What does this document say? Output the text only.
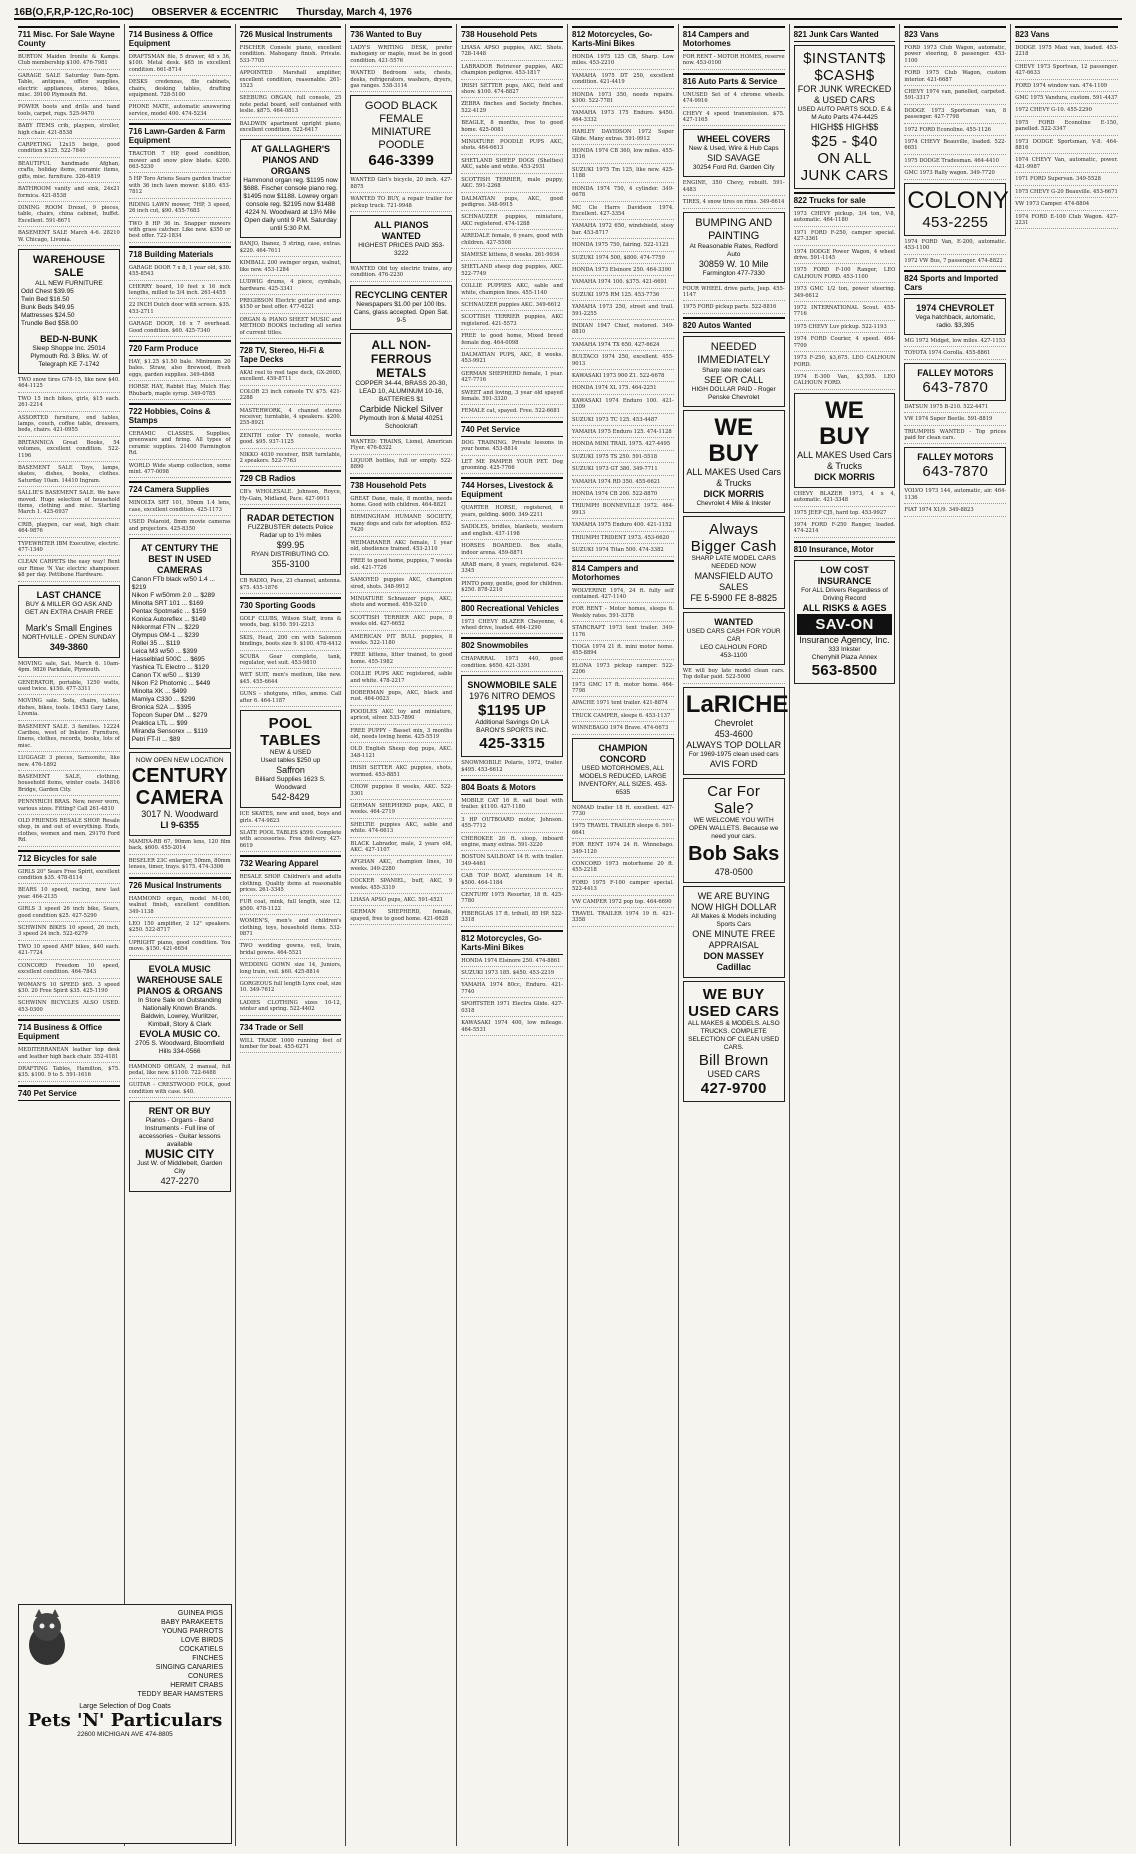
16B(O,F,R,P-12C,Ro-10C) OBSERVER & ECCENTRIC Thursday, March 4, 1976
711 Misc. For Sale Wayne County
BURTON Maiden Ironite & Kamps. Club membership $100. 476-7981
GARAGE SALE Saturday 9am-5pm. Table, antiques, office supplies, electric appliances, stereo, bikes, misc. 39100 Plymouth Rd.
POWER boots and drills and hand tools, carpet, rugs. 525-9470
BABY ITEMS crib, playpen, stroller, high chair. 421-8538
CARPETING 12x15 beige, good condition $125. 522-7840
BEAUTIFUL handmade Afghan, crafts, holiday items, ceramic items, gifts, misc. furniture. 326-4819
BATHROOM vanity and sink, 24x21 formica. 421-8538
DINING ROOM Drexel, 9 pieces, table, chairs, china cabinet, buffet. Excellent. 591-8671
BASEMENT SALE March 4-6. 28210 W. Chicago, Livonia.
WAREHOUSE SALE
ALL NEW FURNITURE
Odd Chest $39.95
Twin Bed $16.50
Bunk Beds $49.95
Mattresses $24.50
Trundle Bed $58.00
BED-N-BUNK
Sleep Shoppe Inc. 25014 Plymouth Rd. 3 Blks. W. of Telegraph KE 7-1742
TWO snow tires G78-15, like new $40. 464-1125
TWO 15 inch bikes, girls, $15 each. 261-2214
ASSORTED furniture, end tables, lamps, couch, coffee table, dressers, beds, chairs. 421-0955
BRITANNICA Great Books, 54 volumes, excellent condition. 522-1196
BASEMENT SALE Toys, lamps, skates, dishes, books, clothes. Saturday 10am. 14410 Ingram.
SALLIE'S BASEMENT SALE. We have moved. Huge selection of household items, clothing and misc. Starting March 1. 425-6937
CRIB, playpen, car seat, high chair. 464-9876
TYPEWRITER IBM Executive, electric. 477-1340
CLEAN CARPETS the easy way! Rent our Rinse 'N Vac electric shampooer. $8 per day. Pettibone Hardware.
LAST CHANCE
BUY & MILLER GO ASK AND GET AN EXTRA CHAIR FREE
Mark's Small Engines
NORTHVILLE - OPEN SUNDAY
349-3860
MOVING sale, Sat. March 6. 10am-4pm. 9826 Parkdale, Plymouth.
GENERATOR, portable, 1250 watts, used twice. $150. 477-3311
MOVING sale. Sofa, chairs, tables, dishes, bikes, tools. 18453 Gary Lane, Livonia.
BASEMENT SALE. 3 families. 12224 Caribou, west of Inkster. Furniture, linens, clothes, records, books, lots of misc.
LUGGAGE 3 pieces, Samsonite, like new. 476-1892
BASEMENT SALE, clothing, household items, winter coats. 34816 Bridge, Garden City.
PENNYRICH BRAS. New, never worn, various sizes. Fitting? Call 261-4810
OLD FRIENDS RESALE SHOP. Resale shop, in and out of everything. Ends, clothes, women and men. 29170 Ford Rd.
712 Bicycles for sale
GIRLS 20" Sears Free Spirit, excellent condition $35. 478-8114
BEARS 10 speed, racing, new last year. 464-2135
GIRLS 3 speed 26 inch bike, Sears, good condition $25. 427-5290
SCHWINN BIKES 10 speed, 26 inch, 3 speed 24 inch. 522-6279
TWO 10 speed AMF bikes, $40 each. 421-7724
CONCORD Freedom 10 speed, excellent condition. 464-7843
WOMAN'S 10 SPEED $65. 3 speed $30. 20 Free Spirit $35. 425-1190
SCHWINN BICYCLES ALSO USED. 453-0300
714 Business & Office Equipment
MEDITERRANEAN leather top desk and leather high back chair. 352-4181
DRAFTING Tables, Hamilton, $75. $35. $100. 9 to 5. 591-1616
740 Pet Service
714 Business & Office Equipment
DRAFTSMAN file, 5 drawer, 48 x 36, $100. Metal desk. $65 in excellent condition. 661-8714
DESKS credenzas, file cabinets, chairs, desking tables, drafting equipment. 728-5100
PHONE MATE, automatic answering service, model 400. 474-5234
716 Lawn-Garden & Farm Equipment
TRACTOR 7 HP, good condition, mower and snow plow blade. $200. 663-5230
5 HP Toro Ariens Sears garden tractor with 36 inch lawn mower. $180. 453-7812
RIDING LAWN mower, 7HP, 3 speed, 26 inch cut, $90. 455-7683
TWO 8 HP 36 in. Snapper mowers with grass catcher. Like new. $350 or best offer. 722-1834
718 Building Materials
GARAGE DOOR 7 x 8, 1 year old, $30. 455-8543
CHERRY board, 10 feet x 16 inch lengths, milled to 3/4 inch. 261-4455
22 INCH Dutch door with screen. $35. 453-2711
GARAGE DOOR, 16 x 7 overhead. Good condition. $60. 425-7340
720 Farm Produce
HAY, $1.25 $1.50 bale. Minimum 20 bales. Straw, also firewood, fresh eggs, garden supplies. 349-4848
HORSE HAY, Rabbit Hay, Mulch Hay. Rhubarb, maple syrup. 349-0785
722 Hobbies, Coins & Stamps
CERAMIC CLASSES. Supplies, greenware and firing. All types of ceramic supplies. 21400 Farmington Rd.
WORLD Wide stamp collection, some mint. 477-0098
724 Camera Supplies
MINOLTA SRT 101, 50mm 1.4 lens, case, excellent condition. 425-1173
USED Polaroid, 8mm movie cameras and projectors. 425-8350
AT CENTURY THE BEST IN USED CAMERAS
Canon FTb black w/50 1.4 ... $219
Nikon F w/50mm 2.0 ... $289
Minolta SRT 101 ... $169
Pentax Spotmatic ... $159
Konica Autoreflex ... $149
Nikkormat FTN ... $229
Olympus OM-1 ... $239
Rollei 35 ... $119
Leica M3 w/50 ... $399
Hasselblad 500C ... $695
Yashica TL Electro ... $129
Canon TX w/50 ... $139
Nikon F2 Photomic ... $449
Minolta XK ... $499
Mamiya C330 ... $299
Bronica S2A ... $395
Topcon Super DM ... $279
Praktica LTL ... $99
Miranda Sensorex ... $119
Petri FT-II ... $89
NOW OPEN NEW LOCATION
CENTURY CAMERA
3017 N. Woodward
LI 9-6355
MAMIYA-RB 67, 90mm lens, 120 film back, $600. 455-2014
BESELER 23C enlarger, 50mm, 80mm lenses, timer, trays. $175. 474-3306
726 Musical Instruments
HAMMOND organ, model M-100, walnut finish, excellent condition. 349-1138
LEO 150 amplifier, 2 12" speakers. $250. 522-8717
UPRIGHT piano, good condition. You move. $150. 421-6654
EVOLA MUSIC WAREHOUSE SALE PIANOS & ORGANS
In Store Sale on Outstanding Nationally Known Brands. Baldwin, Lowrey, Wurlitzer, Kimball, Story & Clark
EVOLA MUSIC CO.
2705 S. Woodward, Bloomfield Hills 334-0566
HAMMOND ORGAN, 2 manual, full pedal, like new. $1100. 722-6488
GUITAR - CRESTWOOD FOLK, good condition with case. $40.
RENT OR BUY
Pianos - Organs - Band Instruments - Full line of accessories - Guitar lessons available
MUSIC CITY
Just W. of Middlebelt, Garden City
427-2270
726 Musical Instruments
FISCHER Console piano, excellent condition. Mahogany finish. Private. 533-7705
APPOINTED Marshall amplifier, excellent condition, reasonable. 261-1523
SEEBURG ORGAN, full console, 25 note pedal board, self contained with leslie. $875. 464-0813
BALDWIN apartment upright piano, excellent condition. 522-6417
AT GALLAGHER'S PIANOS AND ORGANS
Hammond organ reg. $1195 now $688. Fischer console piano reg. $1495 now $1188. Lowrey organ console reg. $2195 now $1488
4224 N. Woodward at 13½ Mile
Open daily until 9 P.M. Saturday until 5:30 P.M.
BANJO, Ibanez, 5 string, case, extras. $220. 464-7611
KIMBALL 200 swinger organ, walnut, like new. 453-1284
LUDWIG drums, 4 piece, cymbals, hardware. 425-3341
PREGIBSON Electric guitar and amp. $150 or best offer. 477-6221
ORGAN & PIANO SHEET MUSIC and METHOD BOOKS including all series of current titles.
728 TV, Stereo, Hi-Fi & Tape Decks
AKAI reel to reel tape deck, GX-260D, excellent. 459-8711
COLOR 23 inch console TV. $75. 421-2288
MASTERWORK, 4 channel stereo receiver, turntable, 4 speakers. $200. 255-8921
ZENITH color TV console, works good. $95. 937-1125
NIKKO 4030 receiver, BSR turntable, 2 speakers. 522-7763
729 CB Radios
CB's WHOLESALE. Johnson, Royce, Hy-Gain, Midland, Pace. 427-9911
RADAR DETECTION
FUZZBUSTER detects Police Radar up to 1½ miles
$99.95
RYAN DISTRIBUTING CO.
355-3100
CB RADIO, Pace, 23 channel, antenna. $75. 455-1876
730 Sporting Goods
GOLF CLUBS, Wilson Staff, irons & woods, bag. $150. 591-2213
SKIS, Head, 200 cm with Salomon bindings, boots size 9. $100. 478-4412
SCUBA Gear complete, tank, regulator, wet suit. 453-9810
WET SUIT, men's medium, like new. $45. 455-6644
GUNS - shotguns, rifles, ammo. Call after 6. 464-1187
POOL TABLES
NEW & USED
Used tables $250 up
Saffron
Billiard Supplies 1623 S. Woodward
542-8429
ICE SKATES, new and used, boys and girls. 474-9823
SLATE POOL TABLES $599. Complete with accessories. Free delivery. 427-6619
732 Wearing Apparel
RESALE SHOP. Children's and adults clothing. Quality items at reasonable prices. 261-3345
FUR coat, mink, full length, size 12. $500. 478-1122
WOMEN'S, men's and children's clothing, toys, household items. 532-0871
TWO wedding gowns, veil, train, bridal gowns. 464-5521
WEDDING GOWN size 14, Juniors, long train, veil. $60. 425-8814
GORGEOUS full length Lynx coat, size 10. 349-7612
LADIES CLOTHING sizes 10-12, winter and spring. 522-4402
734 Trade or Sell
WILL TRADE 1000 running feet of lumber for boat. 455-6271
736 Wanted to Buy
LADY'S WRITING DESK, prefer mahogany or maple, must be in good condition. 421-5576
WANTED Bedroom sets, chests, desks, refrigerators, washers, dryers, gas ranges. 538-3114
GOOD BLACK FEMALE MINIATURE POODLE
646-3399
WANTED Girl's bicycle, 20 inch. 427-8875
WANTED TO BUY, a repair trailer for pickup truck. 721-9948
ALL PIANOS WANTED
HIGHEST PRICES PAID 353-3222
WANTED Old toy electric trains, any condition. 476-2230
RECYCLING CENTER
Newspapers $1.00 per 100 lbs. Cans, glass accepted. Open Sat. 9-5
ALL NON-FERROUS METALS
COPPER 34-44, BRASS 20-30, LEAD 10, ALUMINUM 10-16, BATTERIES $1
Carbide Nickel Silver
Plymouth Iron & Metal 40251 Schoolcraft
WANTED: TRAINS, Lionel, American Flyer. 476-8322
LIQUOR bottles, full or empty. 522-8890
738 Household Pets
GREAT Dane, male, 8 months, needs home. Good with children. 464-8821
BIRMINGHAM HUMANE SOCIETY, many dogs and cats for adoption. 852-7420
WEIMARANER AKC female, 1 year old, obedience trained. 453-2110
FREE to good home, puppies, 7 weeks old. 421-7726
SAMOYED puppies AKC, champion sired, shots. 348-9912
MINIATURE Schnauzer pups, AKC, shots and wormed. 459-3210
SCOTTISH TERRIER AKC pups, 8 weeks old. 427-6652
AMERICAN PIT BULL puppies, 8 weeks. 522-1180
FREE kittens, litter trained, to good home. 455-1982
COLLIE PUPS AKC registered, sable and white. 478-2217
DOBERMAN pups, AKC, black and rust. 464-0023
POODLES AKC toy and miniature, apricot, silver. 533-7890
FREE PUPPY - Basset mix, 3 months old, needs loving home. 425-5519
OLD English Sheep dog pups, AKC. 348-1121
IRISH SETTER AKC puppies, shots, wormed. 453-8851
CHOW puppies 8 weeks, AKC. 522-3301
GERMAN SHEPHERD pups, AKC, 8 weeks. 464-2719
SHELTIE puppies AKC, sable and white. 474-6613
BLACK Labrador, male, 2 years old, AKC. 427-1107
AFGHAN AKC, champion lines, 10 weeks. 349-2280
COCKER SPANIEL, buff, AKC, 9 weeks. 455-3319
LHASA APSO pups, AKC. 591-4521
GERMAN SHEPHERD, female, spayed, free to good home. 421-6628
738 Household Pets
LHASA APSO puppies, AKC. Shots. 728-1448
LABRADOR Retriever puppies, AKC champion pedigree. 453-1817
IRISH SETTER pups, AKC, field and show. $100. 474-8827
ZEBRA finches and Society finches. 522-4129
BEAGLE, 8 months, free to good home. 425-0081
MINIATURE POODLE PUPS AKC, shots. 464-6613
SHETLAND SHEEP DOGS (Shelties) AKC, sable and white. 453-2931
SCOTTISH TERRIER, male puppy, AKC. 591-2268
DALMATIAN pups, AKC, good pedigree. 348-9915
SCHNAUZER puppies, miniature, AKC registered. 474-1288
AIREDALE female, 6 years, good with children. 427-5508
SIAMESE kittens, 8 weeks. 261-9934
SHETLAND sheep dog puppies, AKC. 522-7749
COLLIE PUPPIES AKC, sable and white, champion lines. 455-1140
SCHNAUZER puppies AKC. 349-6612
SCOTTISH TERRIER puppies, AKC registered. 421-5573
FREE to good home, Mixed breed female dog. 464-0098
DALMATIAN PUPS, AKC, 8 weeks. 453-9921
GERMAN SHEPHERD female, 1 year. 427-7716
SWEET and loving, 3 year old spayed female. 591-3320
FEMALE cat, spayed. Free. 522-6681
740 Pet Service
DOG TRAINING. Private lessons in your home. 453-8814
LET ME PAMPER YOUR PET. Dog grooming. 425-7766
744 Horses, Livestock & Equipment
QUARTER HORSE, registered, 6 years, gelding. $600. 349-2211
SADDLES, bridles, blankets, western and english. 437-1198
HORSES BOARDED. Box stalls, indoor arena. 459-8871
ARAB mare, 8 years, registered. 624-3345
PINTO pony, gentle, good for children. $250. 878-2210
800 Recreational Vehicles
1973 CHEVY BLAZER Cheyenne, 4 wheel drive, loaded. 464-1290
802 Snowmobiles
CHAPARRAL 1973 440, good condition. $650. 421-3391
SNOWMOBILE SALE
1976 NITRO DEMOS
$1195 UP
Additional Savings On LA BARON'S SPORTS INC.
425-3315
SNOWMOBILE Polaris, 1972, trailer. $495. 453-6612
804 Boats & Motors
MOBILE CAT 16 ft. sail boat with trailer. $1100. 427-1180
3 HP OUTBOARD motor, Johnson. 455-7712
CHEROKEE 26 ft. sloop, inboard engine, many extras. 591-3220
BOSTON SAILBOAT 14 ft. with trailer. 349-4461
CAB TOP BOAT, aluminum 14 ft. $500. 464-1184
CENTURY 1975 Resorter, 18 ft. 425-7780
FIBERGLAS 17 ft. trihull, 85 HP. 522-3318
812 Motorcycles, Go-Karts-Mini Bikes
HONDA 1974 Elsinore 250. 474-8861
SUZUKI 1973 185. $450. 453-2219
YAMAHA 1974 80cc, Enduro. 421-7740
SPORTSTER 1971 Electra Glide. 427-0318
KAWASAKI 1974 400, low mileage. 464-5531
812 Motorcycles, Go-Karts-Mini Bikes
HONDA 1975 125 CB, Sharp. Low miles. 453-2210
YAMAHA 1975 DT 250, excellent condition. 421-4419
HONDA 1973 350, needs repairs. $300. 522-7781
YAMAHA 1973 175 Enduro. $450. 464-3332
HARLEY DAVIDSON 1972 Super Glide. Many extras. 591-9912
HONDA 1974 CB 360, low miles. 455-3316
SUZUKI 1975 Tm 125, like new. 425-1188
HONDA 1974 750, 4 cylinder. 349-6678
MC Cle Harrs Davidson 1974. Excellent. 427-3354
YAMAHA 1972 650, windshield, sissy bar. 453-8717
HONDA 1975 750, fairing. 522-1123
SUZUKI 1974 500, $800. 474-7759
HONDA 1973 Elsinore 250. 464-3390
YAMAHA 1974 100. $375. 421-6691
SUZUKI 1975 RM 125. 453-7736
YAMAHA 1973 250, street and trail. 591-2255
INDIAN 1947 Chief, restored. 349-8810
YAMAHA 1974 TX 650. 427-6624
BULTACO 1974 250, excellent. 455-9013
KAWASAKI 1973 900 Z1. 522-6678
HONDA 1974 XL 175. 464-2251
KAWASAKI 1974 Enduro 100. 421-3309
SUZUKI 1973 TC 125. 453-4487
YAMAHA 1975 Enduro 125. 474-1128
HONDA MINI TRAIL 1975. 427-4495
SUZUKI 1975 TS 250. 591-5518
SUZUKI 1973 GT 380. 349-7711
YAMAHA 1974 RD 350. 455-6621
HONDA 1974 CB 200. 522-8870
TRIUMPH BONNEVILLE 1972. 464-9913
YAMAHA 1975 Enduro 400. 421-1152
TRIUMPH TRIDENT 1973. 453-6620
SUZUKI 1974 Titan 500. 474-3382
814 Campers and Motorhomes
WOLVERINE 1974, 24 ft. fully self contained. 427-1140
FOR RENT - Motor homes, sleeps 6. Weekly rates. 591-3378
STARCRAFT 1973 tent trailer. 349-1176
TIOGA 1974 21 ft. mini motor home. 455-8894
ELONA 1973 pickup camper. 522-2206
1973 GMC 17 ft. motor home. 464-7798
APACHE 1971 tent trailer. 421-8874
TRUCK CAMPER, sleeps 6. 453-1137
WINNEBAGO 1974 Brave. 474-6673
CHAMPION CONCORD
USED MOTORHOMES, ALL MODELS REDUCED, LARGE INVENTORY, ALL SIZES. 453-6535
NOMAD trailer 18 ft. excellent. 427-7730
1975 TRAVEL TRAILER sleeps 6. 591-6641
FOR RENT 1974 24 ft. Winnebago. 349-1120
CONCORD 1973 motorhome 20 ft. 455-2218
FORD 1975 F-100 camper special. 522-4413
VW CAMPER 1972 pop top. 464-6690
TRAVEL TRAILER 1974 19 ft. 421-3358
814 Campers and Motorhomes
FOR RENT - MOTOR HOMES, reserve now. 453-0100
816 Auto Parts & Service
UNUSED Set of 4 chrome wheels. 474-9916
CHEVY 4 speed transmission. $75. 427-1165
WHEEL COVERS
New & Used, Wire & Hub Caps
SID SAVAGE
30254 Ford Rd. Garden City
ENGINE, 350 Chevy, rebuilt. 591-4483
TIRES, 4 snow tires on rims. 349-6614
BUMPING AND PAINTING
At Reasonable Rates, Redford Auto
30859 W. 10 Mile
Farmington 477-7330
FOUR WHEEL drive parts, Jeep. 455-1147
1975 FORD pickup parts. 522-8816
820 Autos Wanted
NEEDED IMMEDIATELY
Sharp late model cars
SEE OR CALL
HIGH DOLLAR PAID - Roger Penske Chevrolet
WE BUY
ALL MAKES Used Cars & Trucks
DICK MORRIS
Chevrolet 4 Mile & Inkster
Always Bigger Cash
SHARP LATE MODEL CARS NEEDED NOW
MANSFIELD AUTO SALES
FE 5-5900 FE 8-8825
WANTED
USED CARS CASH FOR YOUR CAR
LEO CALHOUN FORD
453-1100
WE will buy late model clean cars. Top dollar paid. 522-5000
LaRICHE
Chevrolet
453-4600
ALWAYS TOP DOLLAR
For 1969-1975 clean used cars
AVIS FORD
Car For Sale?
WE WELCOME YOU WITH OPEN WALLETS. Because we need your cars.
Bob Saks
478-0500
WE ARE BUYING NOW HIGH DOLLAR
All Makes & Models including Sports Cars
ONE MINUTE FREE APPRAISAL
DON MASSEY Cadillac
WE BUY USED CARS
ALL MAKES & MODELS. ALSO TRUCKS. COMPLETE SELECTION OF CLEAN USED CARS.
Bill Brown
USED CARS
427-9700
821 Junk Cars Wanted
$INSTANT$ $CASH$
FOR JUNK WRECKED & USED CARS
USED AUTO PARTS SOLD. E & M Auto Parts 474-4425
HIGH$$ HIGH$$
$25 - $40
ON ALL JUNK CARS
822 Trucks for sale
1973 CHEVY pickup, 3/4 ton, V-8, automatic. 464-1180
1971 FORD F-250, camper special. 427-3361
1974 DODGE Power Wagon, 4 wheel drive. 591-1145
1975 FORD F-100 Ranger, LEO CALHOUN FORD. 453-1100
1973 GMC 1/2 ton, power steering. 349-6612
1972 INTERNATIONAL Scout. 455-7716
1975 CHEVY Luv pickup. 522-1193
1974 FORD Courier, 4 speed. 464-7709
1973 F-250, $3,675. LEO CALHOUN FORD.
1974 E-300 Van, $3,595. LEO CALHOUN FORD.
WE BUY
ALL MAKES Used Cars & Trucks
DICK MORRIS
CHEVY BLAZER 1973, 4 x 4, automatic. 421-3348
1975 JEEP CJ5, hard top. 453-9927
1974 FORD F-250 Ranger, loaded. 474-2214
810 Insurance, Motor
LOW COST INSURANCE
For ALL Drivers Regardless of Driving Record
ALL RISKS & AGES
SAV-ON
Insurance Agency, Inc.
333 Inkster
Cherryhill Plaza Annex
563-8500
823 Vans
FORD 1973 Club Wagon, automatic, power steering, 8 passenger. 453-1100
FORD 1975 Club Wagon, custom interior. 421-6687
CHEVY 1974 van, panelled, carpeted. 591-3317
DODGE 1973 Sportsman van, 8 passenger. 427-7798
1972 FORD Econoline. 455-1126
1974 CHEVY Beauville, loaded. 522-6651
1975 DODGE Tradesman. 464-4410
GMC 1973 Rally wagon. 349-7720
COLONY
453-2255
1974 FORD Van, E-200, automatic. 453-1100
1972 VW Bus, 7 passenger. 474-8822
824 Sports and Imported Cars
1974 CHEVROLET
Vega hatchback, automatic, radio. $3,395
MG 1972 Midget, low miles. 427-1153
TOYOTA 1974 Corolla. 455-8861
FALLEY MOTORS
643-7870
DATSUN 1975 B-210. 522-4471
VW 1974 Super Beetle. 591-8819
TRIUMPHS WANTED - Top prices paid for clean cars.
FALLEY MOTORS
643-7870
VOLVO 1973 144, automatic, air. 464-1136
FIAT 1974 X1/9. 349-8823
823 Vans
DODGE 1975 Maxi van, loaded. 453-2218
CHEVY 1973 Sportvan, 12 passenger. 427-6633
FORD 1974 window van. 474-1109
GMC 1975 Vandura, custom. 591-4437
1972 CHEVY G-10. 455-2290
1975 FORD Econoline E-150, panelled. 522-3347
1973 DODGE Sportsman, V-8. 464-8816
1974 CHEVY Van, automatic, power. 421-9987
1971 FORD Supervan. 349-5528
1975 CHEVY G-20 Beauville. 453-6671
VW 1973 Camper. 474-8804
1974 FORD E-100 Club Wagon. 427-2231
GUINEA PIGS
BABY PARAKEETS
YOUNG PARROTS
LOVE BIRDS
COCKATIELS
FINCHES
SINGING CANARIES
CONURES
HERMIT CRABS
TEDDY BEAR HAMSTERS
Large Selection of Dog Coats
Pets 'N' Particulars
22600 MICHIGAN AVE 474-8805
